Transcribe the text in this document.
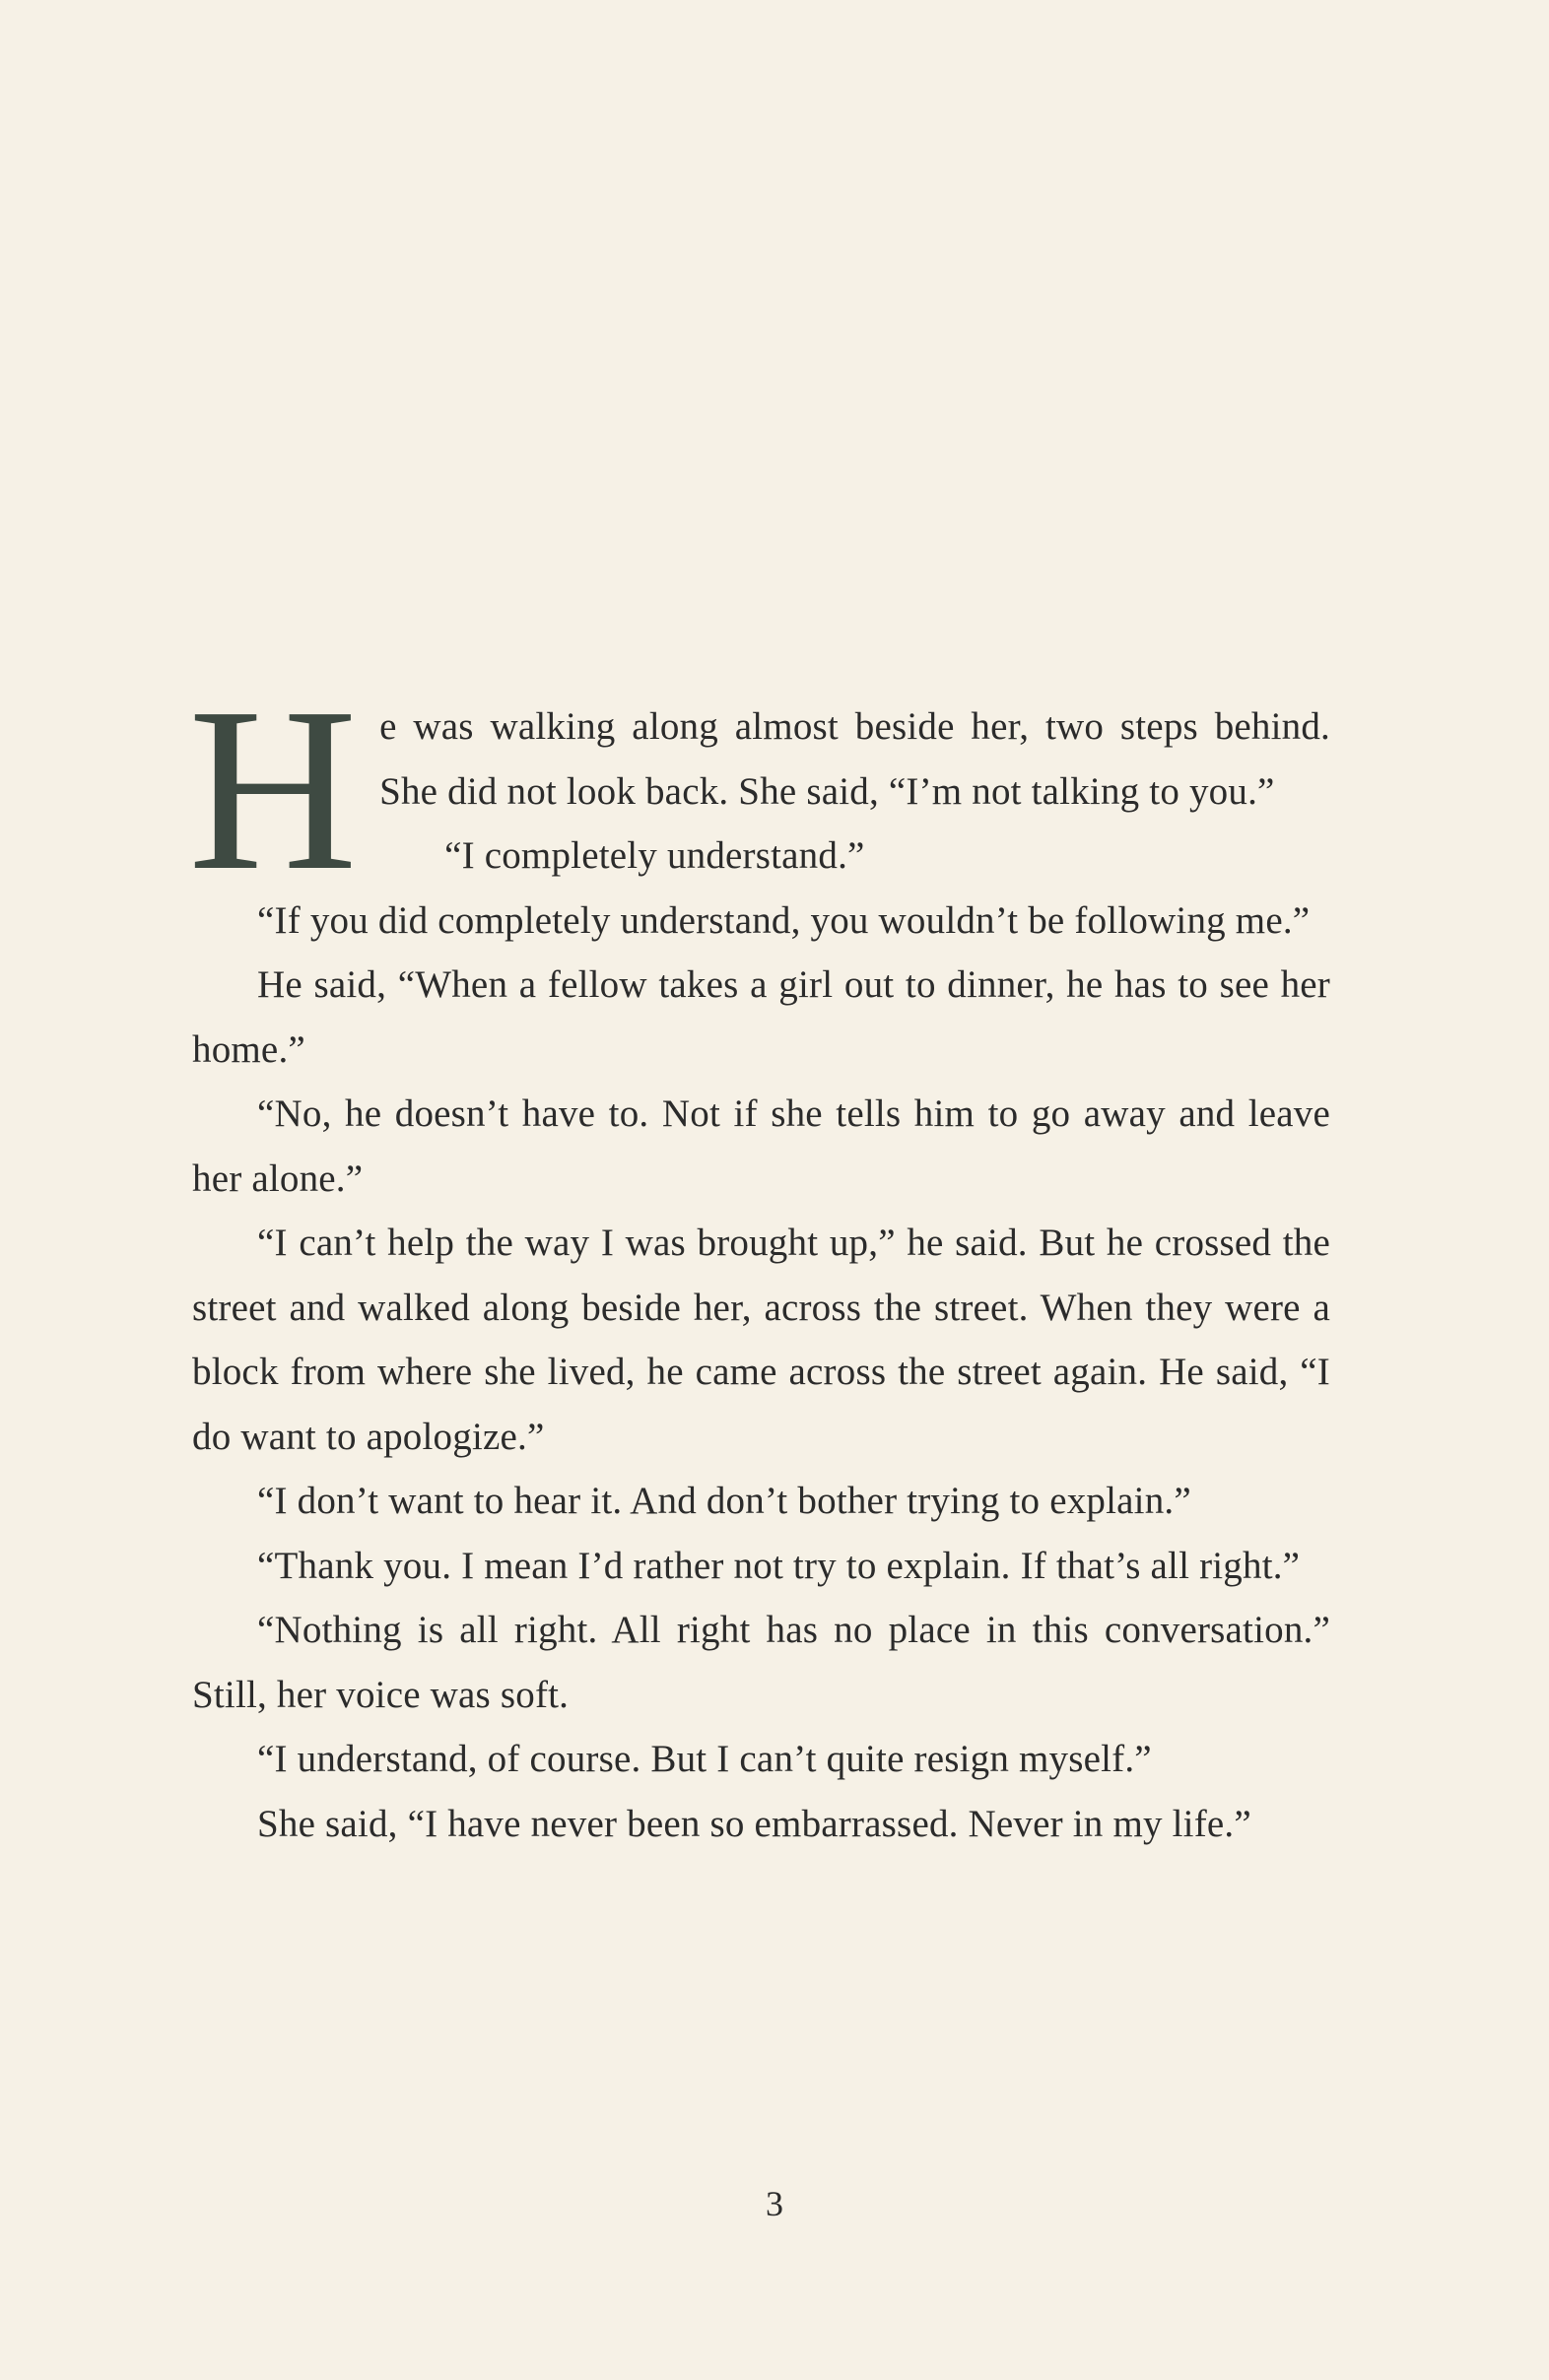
He was walking along almost beside her, two steps behind. She did not look back. She said, “I’m not talking to you.”

“I completely understand.”

“If you did completely understand, you wouldn’t be following me.”

He said, “When a fellow takes a girl out to dinner, he has to see her home.”

“No, he doesn’t have to. Not if she tells him to go away and leave her alone.”

“I can’t help the way I was brought up,” he said. But he crossed the street and walked along beside her, across the street. When they were a block from where she lived, he came across the street again. He said, “I do want to apologize.”

“I don’t want to hear it. And don’t bother trying to explain.”

“Thank you. I mean I’d rather not try to explain. If that’s all right.”

“Nothing is all right. All right has no place in this conversation.” Still, her voice was soft.

“I understand, of course. But I can’t quite resign myself.”

She said, “I have never been so embarrassed. Never in my life.”

3
